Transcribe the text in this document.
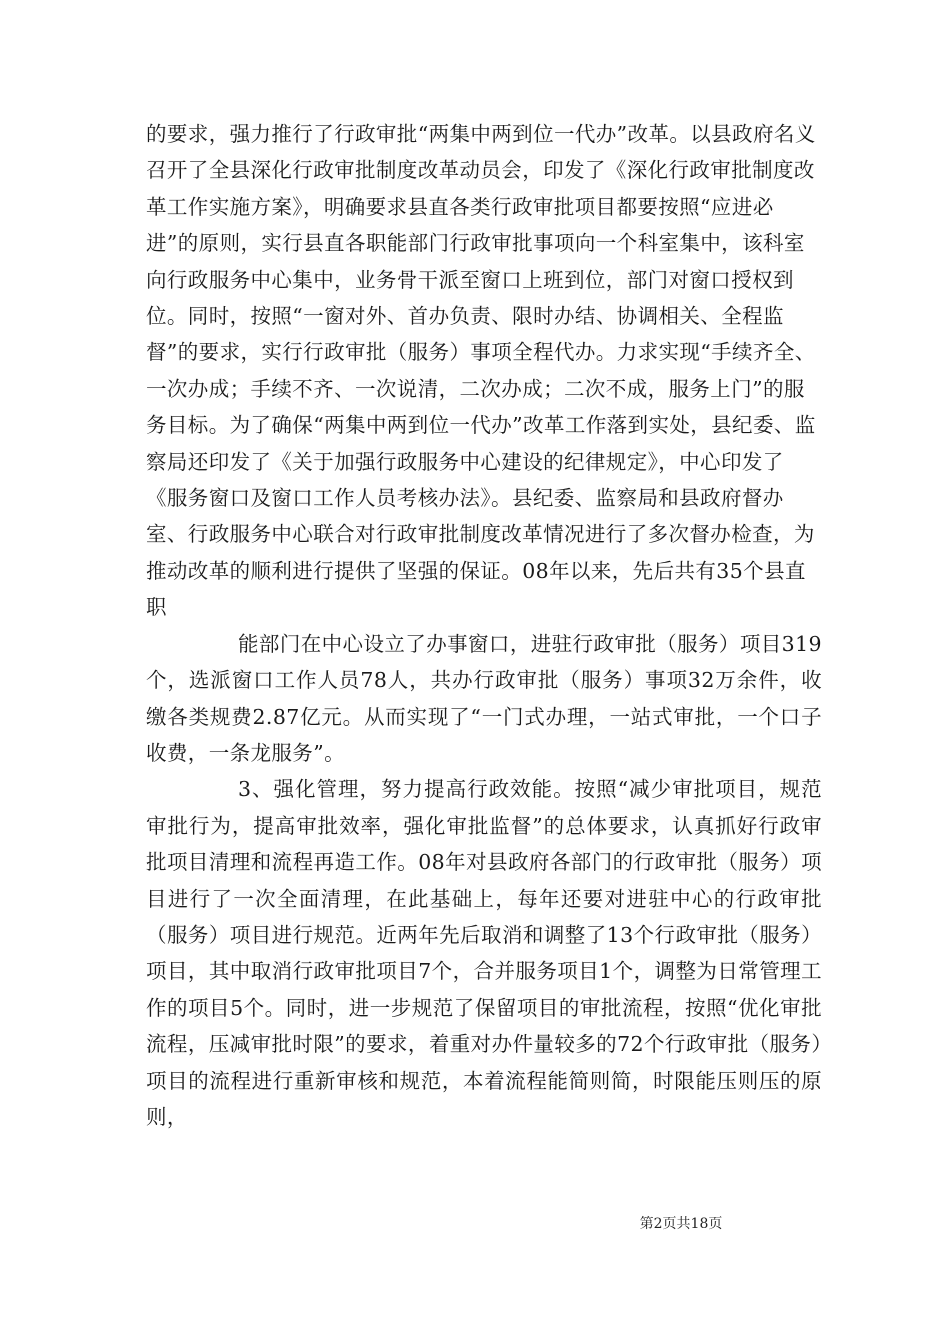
的要求，强力推行了行政审批“两集中两到位一代办”改革。以县政府名义召开了全县深化行政审批制度改革动员会，印发了《深化行政审批制度改革工作实施方案》，明确要求县直各类行政审批项目都要按照“应进必进”的原则，实行县直各职能部门行政审批事项向一个科室集中，该科室向行政服务中心集中，业务骨干派至窗口上班到位，部门对窗口授权到位。同时，按照“一窗对外、首办负责、限时办结、协调相关、全程监督”的要求，实行行政审批（服务）事项全程代办。力求实现“手续齐全、一次办成；手续不齐、一次说清，二次办成；二次不成，服务上门”的服务目标。为了确保“两集中两到位一代办”改革工作落到实处，县纪委、监察局还印发了《关于加强行政服务中心建设的纪律规定》，中心印发了《服务窗口及窗口工作人员考核办法》。县纪委、监察局和县政府督办室、行政服务中心联合对行政审批制度改革情况进行了多次督办检查，为推动改革的顺利进行提供了坚强的保证。08年以来，先后共有35个县直职

能部门在中心设立了办事窗口，进驻行政审批（服务）项目319个，选派窗口工作人员78人，共办行政审批（服务）事项32万余件，收缴各类规费2.87亿元。从而实现了“一门式办理，一站式审批，一个口子收费，一条龙服务”。

3、强化管理，努力提高行政效能。按照“减少审批项目，规范审批行为，提高审批效率，强化审批监督”的总体要求，认真抓好行政审批项目清理和流程再造工作。08年对县政府各部门的行政审批（服务）项目进行了一次全面清理，在此基础上，每年还要对进驻中心的行政审批（服务）项目进行规范。近两年先后取消和调整了13个行政审批（服务）项目，其中取消行政审批项目7个，合并服务项目1个，调整为日常管理工作的项目5个。同时，进一步规范了保留项目的审批流程，按照“优化审批流程，压减审批时限”的要求，着重对办件量较多的72个行政审批（服务）项目的流程进行重新审核和规范，本着流程能简则简，时限能压则压的原则，

第2页共18页
